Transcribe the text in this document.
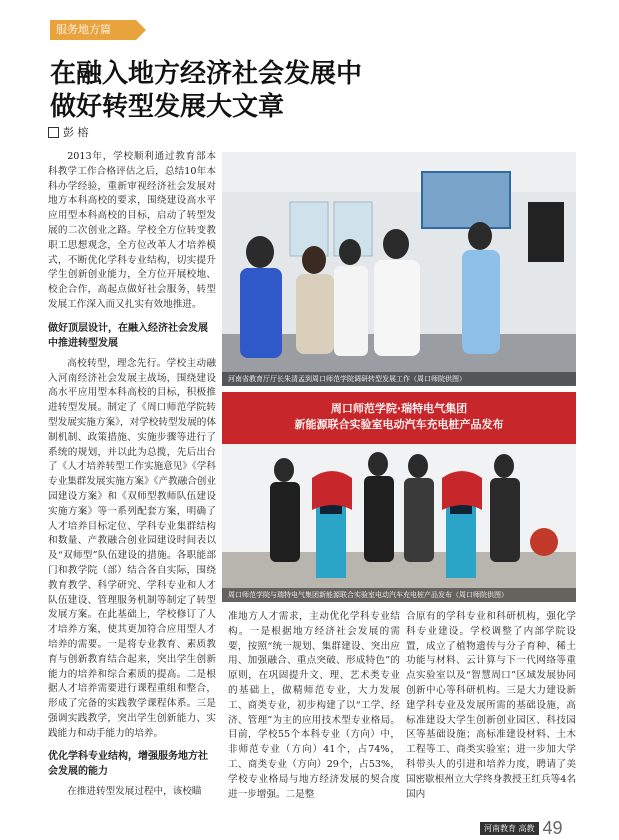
服务地方篇
在融入地方经济社会发展中
做好转型发展大文章
彭 榕

2013年，学校顺利通过教育部本科教学工作合格评估之后，总结10年本科办学经验，重新审视经济社会发展对地方本科高校的要求，围绕建设高水平应用型本科高校的目标，启动了转型发展的二次创业之路。学校全方位转变教职工思想观念，全方位改革人才培养模式，不断优化学科专业结构，切实提升学生创新创业能力，全方位开展校地、校企合作，高起点做好社会服务，转型发展工作深入而又扎实有效地推进。

做好顶层设计，在融入经济社会发展中推进转型发展

高校转型，理念先行。学校主动融入河南经济社会发展主战场，围绕建设高水平应用型本科高校的目标，积极推进转型发展。制定了《周口师范学院转型发展实施方案》，对学校转型发展的体制机制、政策措施、实施步骤等进行了系统的规划，并以此为总揽，先后出台了《人才培养转型工作实施意见》《学科专业集群发展实施方案》《产教融合创业园建设方案》和《双师型教师队伍建设实施方案》等一系列配套方案，明确了人才培养目标定位、学科专业集群结构和数量、产教融合创业园建设时间表以及“双师型”队伍建设的措施。各职能部门和教学院（部）结合各自实际，围绕教育教学、科学研究、学科专业和人才队伍建设、管理服务机制等制定了转型发展方案。在此基础上，学校修订了人才培养方案，使其更加符合应用型人才培养的需要。一是将专业教育、素质教育与创新教育结合起来，突出学生创新能力的培养和综合素质的提高。二是根据人才培养需要进行课程重组和整合，形成了完备的实践教学课程体系。三是强调实践教学，突出学生创新能力、实践能力和动手能力的培养。

优化学科专业结构，增强服务地方社会发展的能力

在推进转型发展过程中，该校瞄

河南省教育厅厅长朱清孟到周口师范学院调研转型发展工作（周口师院供图）
周口师范学院·瑞特电气集团
新能源联合实验室电动汽车充电桩产品发布
周口师范学院与瑞特电气集团新能源联合实验室电动汽车充电桩产品发布（周口师院供图）

准地方人才需求，主动优化学科专业结构。一是根据地方经济社会发展的需要，按照“统一规划、集群建设、突出应用、加强融合、重点突破、形成特色”的原则，在巩固提升文、理、艺术类专业的基础上，做精师范专业，大力发展工、商类专业，初步构建了以“工学、经济、管理”为主的应用技术型专业格局。目前，学校55个本科专业（方向）中，非师范专业（方向）41个，占74%，工、商类专业（方向）29个，占53%，学校专业格局与地方经济发展的契合度进一步增强。二是整

合原有的学科专业和科研机构，强化学科专业建设。学校调整了内部学院设置，成立了植物遗传与分子育种、稀土功能与材料、云计算与下一代网络等重点实验室以及“智慧周口”区域发展协同创新中心等科研机构。三是大力建设新建学科专业及发展所需的基础设施，高标准建设大学生创新创业园区、科技园区等基础设施；高标准建设材料、土木工程等工、商类实验室；进一步加大学科带头人的引进和培养力度，聘请了美国密歇根州立大学终身教授王红兵等4名国内

河南教育 高教 49
